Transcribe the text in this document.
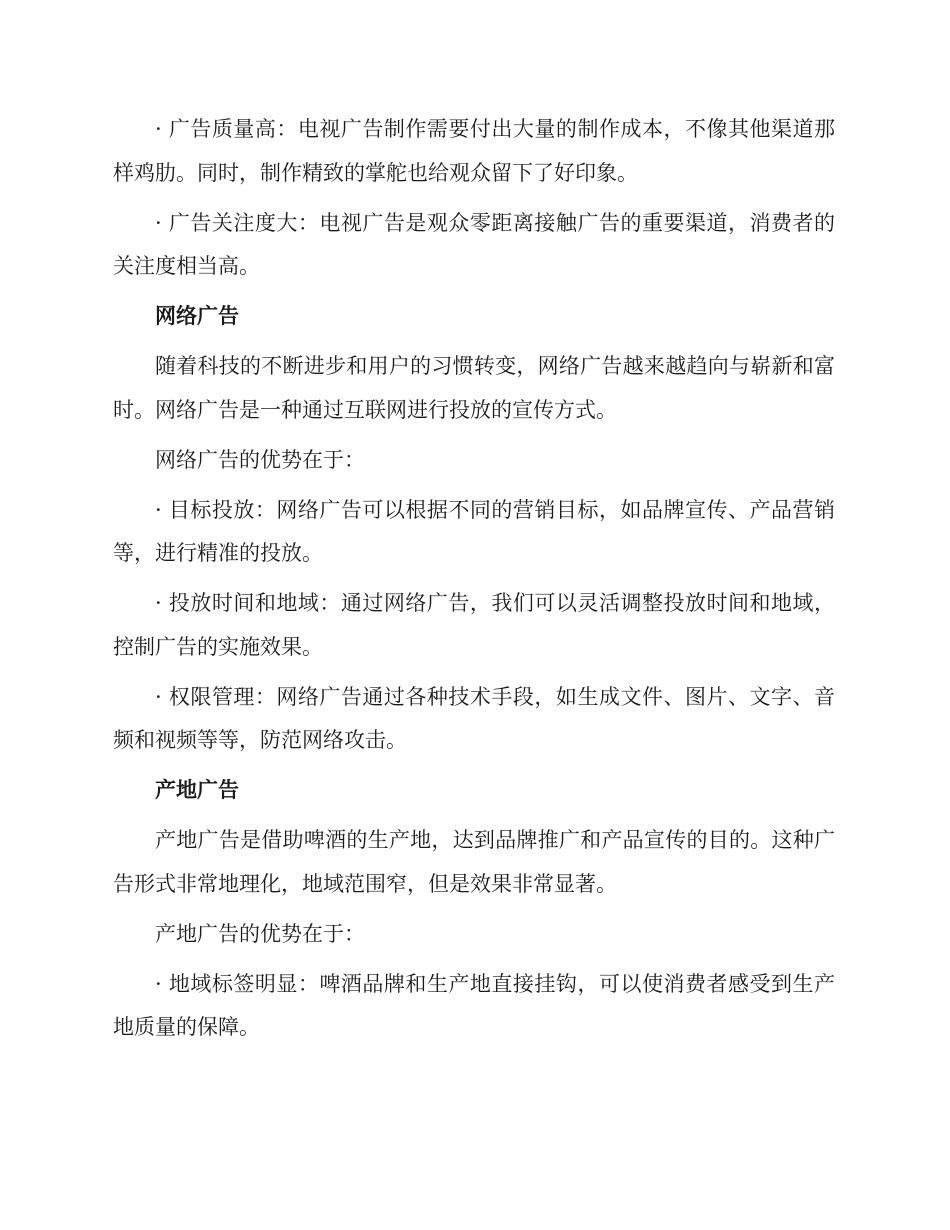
· 广告质量高：电视广告制作需要付出大量的制作成本，不像其他渠道那样鸡肋。同时，制作精致的掌舵也给观众留下了好印象。

· 广告关注度大：电视广告是观众零距离接触广告的重要渠道，消费者的关注度相当高。

网络广告

随着科技的不断进步和用户的习惯转变，网络广告越来越趋向与崭新和富时。网络广告是一种通过互联网进行投放的宣传方式。

网络广告的优势在于：

· 目标投放：网络广告可以根据不同的营销目标，如品牌宣传、产品营销等，进行精准的投放。

· 投放时间和地域：通过网络广告，我们可以灵活调整投放时间和地域，控制广告的实施效果。

· 权限管理：网络广告通过各种技术手段，如生成文件、图片、文字、音频和视频等等，防范网络攻击。

产地广告

产地广告是借助啤酒的生产地，达到品牌推广和产品宣传的目的。这种广告形式非常地理化，地域范围窄，但是效果非常显著。

产地广告的优势在于：

· 地域标签明显：啤酒品牌和生产地直接挂钩，可以使消费者感受到生产地质量的保障。
